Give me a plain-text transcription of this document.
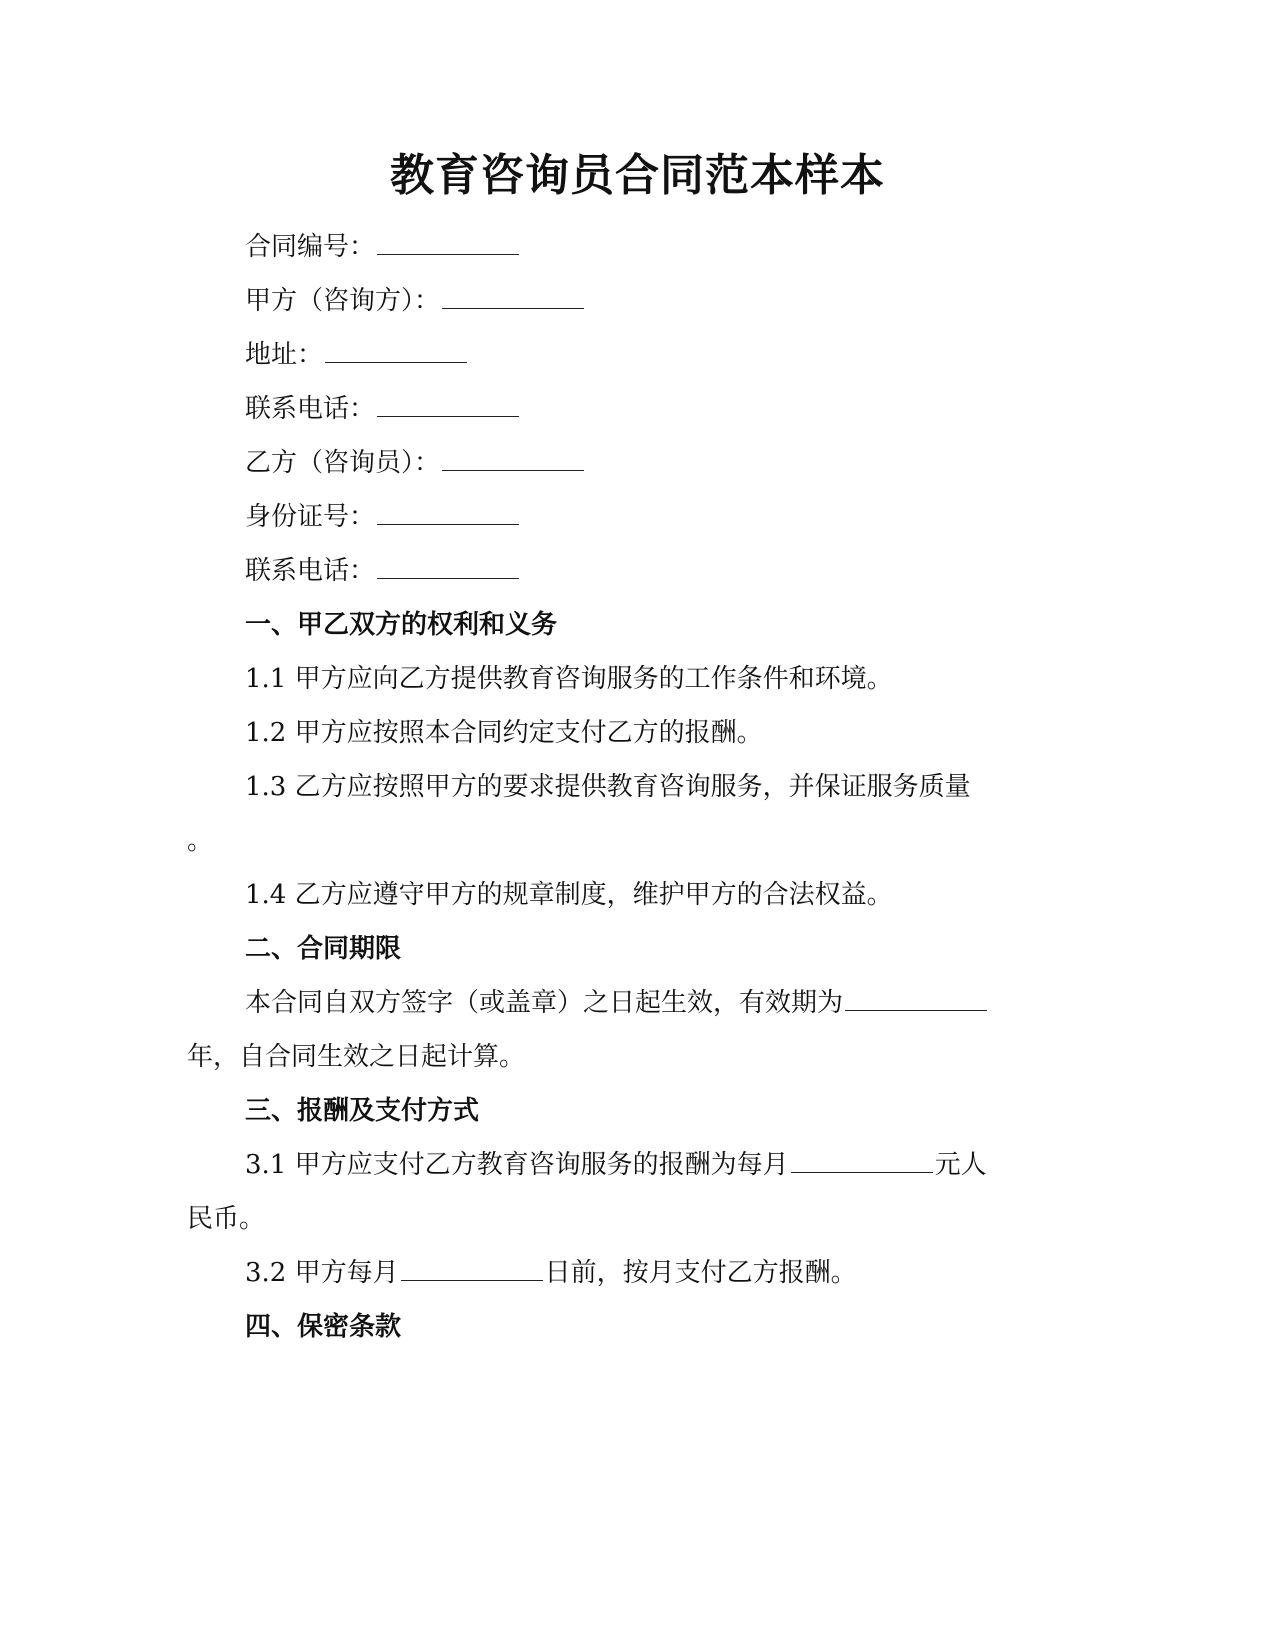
教育咨询员合同范本样本
合同编号：
甲方（咨询方）：
地址：
联系电话：
乙方（咨询员）：
身份证号：
联系电话：
一、甲乙双方的权利和义务
1.1 甲方应向乙方提供教育咨询服务的工作条件和环境。
1.2 甲方应按照本合同约定支付乙方的报酬。
1.3 乙方应按照甲方的要求提供教育咨询服务，并保证服务质量
。
1.4 乙方应遵守甲方的规章制度，维护甲方的合法权益。
二、合同期限
本合同自双方签字（或盖章）之日起生效，有效期为
年，自合同生效之日起计算。
三、报酬及支付方式
3.1 甲方应支付乙方教育咨询服务的报酬为每月	元人
民币。
3.2 甲方每月	日前，按月支付乙方报酬。
四、保密条款
